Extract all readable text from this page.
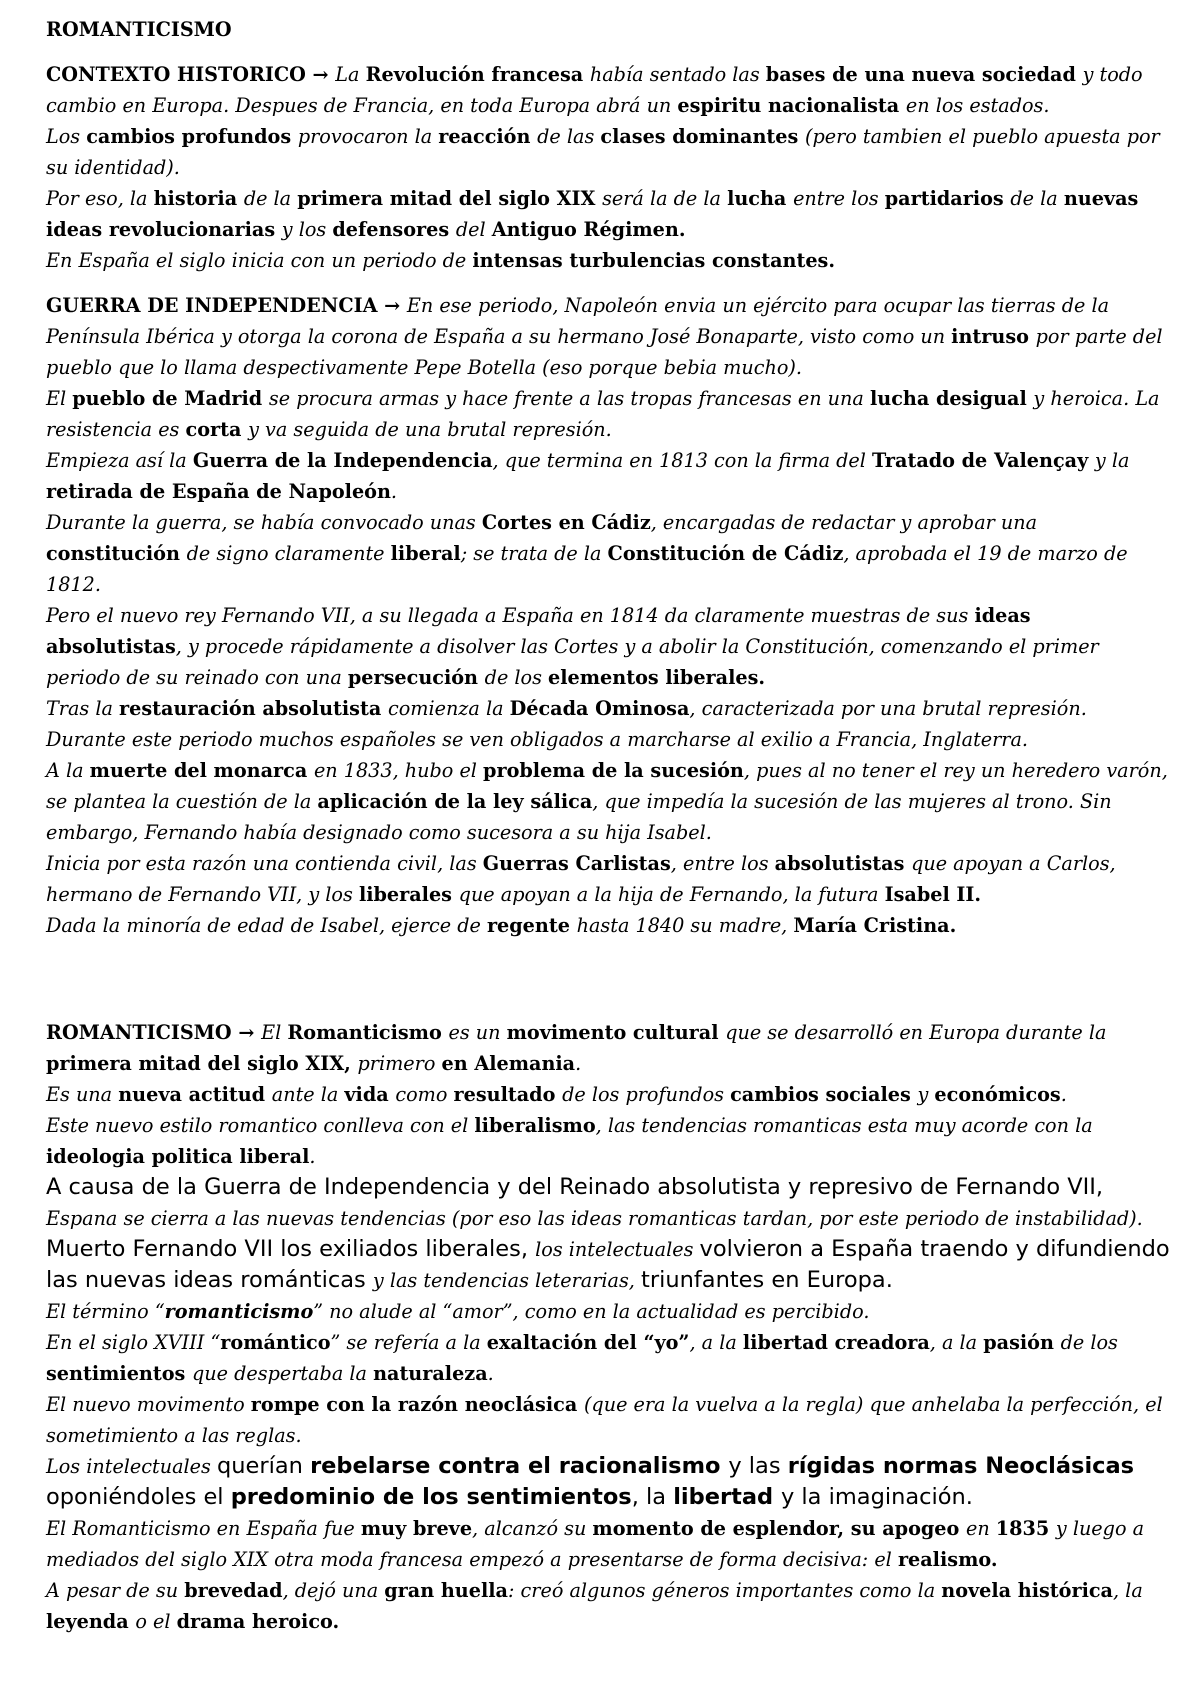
ROMANTICISMO

CONTEXTO HISTORICO → La Revolución francesa había sentado las bases de una nueva sociedad y todo cambio en Europa. Despues de Francia, en toda Europa abrá un espiritu nacionalista en los estados.

Los cambios profundos provocaron la reacción de las clases dominantes (pero tambien el pueblo apuesta por su identidad).

Por eso, la historia de la primera mitad del siglo XIX será la de la lucha entre los partidarios de la nuevas ideas revolucionarias y los defensores del Antiguo Régimen.

En España el siglo inicia con un periodo de intensas turbulencias constantes.

GUERRA DE INDEPENDENCIA → En ese periodo, Napoleón envia un ejército para ocupar las tierras de la Península Ibérica y otorga la corona de España a su hermano José Bonaparte, visto como un intruso por parte del pueblo que lo llama despectivamente Pepe Botella (eso porque bebia mucho).

El pueblo de Madrid se procura armas y hace frente a las tropas francesas en una lucha desigual y heroica. La resistencia es corta y va seguida de una brutal represión.

Empieza así la Guerra de la Independencia, que termina en 1813 con la firma del Tratado de Valençay y la retirada de España de Napoleón.

Durante la guerra, se había convocado unas Cortes en Cádiz, encargadas de redactar y aprobar una constitución de signo claramente liberal; se trata de la Constitución de Cádiz, aprobada el 19 de marzo de 1812.

Pero el nuevo rey Fernando VII, a su llegada a España en 1814 da claramente muestras de sus ideas absolutistas, y procede rápidamente a disolver las Cortes y a abolir la Constitución, comenzando el primer periodo de su reinado con una persecución de los elementos liberales.

Tras la restauración absolutista comienza la Década Ominosa, caracterizada por una brutal represión.

Durante este periodo muchos españoles se ven obligados a marcharse al exilio a Francia, Inglaterra.

A la muerte del monarca en 1833, hubo el problema de la sucesión, pues al no tener el rey un heredero varón, se plantea la cuestión de la aplicación de la ley sálica, que impedía la sucesión de las mujeres al trono. Sin embargo, Fernando había designado como sucesora a su hija Isabel.

Inicia por esta razón una contienda civil, las Guerras Carlistas, entre los absolutistas que apoyan a Carlos, hermano de Fernando VII, y los liberales que apoyan a la hija de Fernando, la futura Isabel II.

Dada la minoría de edad de Isabel, ejerce de regente hasta 1840 su madre, María Cristina.

ROMANTICISMO → El Romanticismo es un movimento cultural que se desarrolló en Europa durante la primera mitad del siglo XIX, primero en Alemania.

Es una nueva actitud ante la vida como resultado de los profundos cambios sociales y económicos.

Este nuevo estilo romantico conlleva con el liberalismo, las tendencias romanticas esta muy acorde con la ideologia politica liberal.

A causa de la Guerra de Independencia y del Reinado absolutista y represivo de Fernando VII, Espana se cierra a las nuevas tendencias (por eso las ideas romanticas tardan, por este periodo de instabilidad).

Muerto Fernando VII los exiliados liberales, los intelectuales volvieron a España traendo y difundiendo las nuevas ideas románticas y las tendencias leterarias, triunfantes en Europa.

El término “romanticismo” no alude al “amor”, como en la actualidad es percibido.

En el siglo XVIII “romántico” se refería a la exaltación del “yo”, a la libertad creadora, a la pasión de los sentimientos que despertaba la naturaleza.

El nuevo movimento rompe con la razón neoclásica (que era la vuelva a la regla) que anhelaba la perfección, el sometimiento a las reglas.

Los intelectuales querían rebelarse contra el racionalismo y las rígidas normas Neoclásicas oponiéndoles el predominio de los sentimientos, la libertad y la imaginación.

El Romanticismo en España fue muy breve, alcanzó su momento de esplendor, su apogeo en 1835 y luego a mediados del siglo XIX otra moda francesa empezó a presentarse de forma decisiva: el realismo.

A pesar de su brevedad, dejó una gran huella: creó algunos géneros importantes como la novela histórica, la leyenda o el drama heroico.
